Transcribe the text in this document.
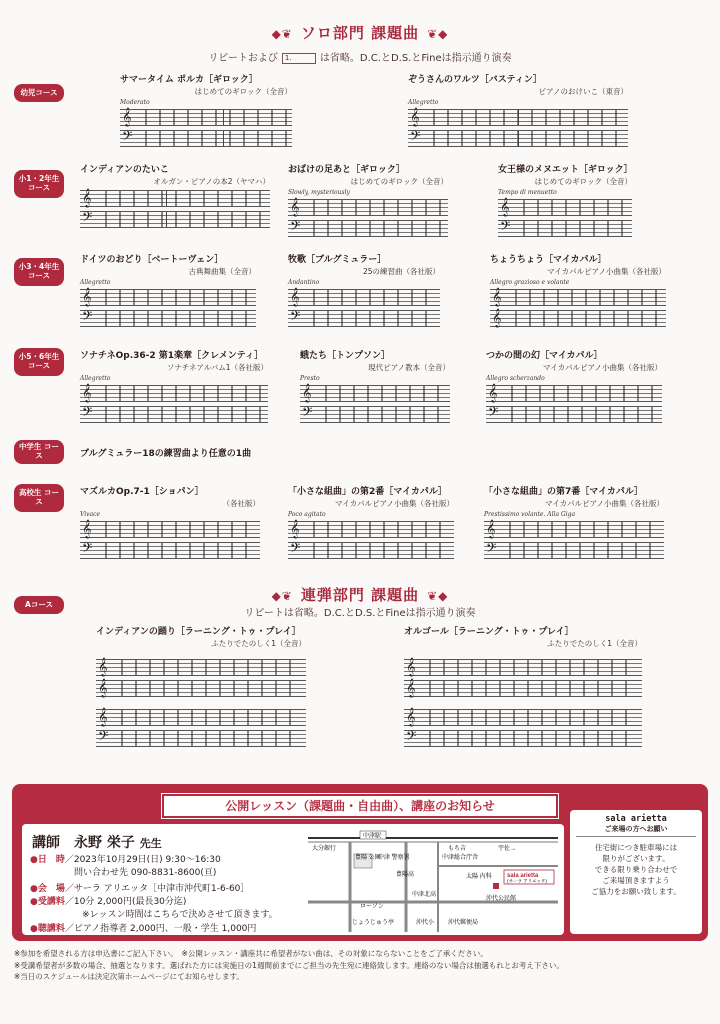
◆❦ ソロ部門 課題曲 ❦◆
リピートおよび 1.	は省略。D.C.とD.S.とFineは指示通り演奏
幼児コース
小1・2年生 コース
小3・4年生 コース
小5・6年生 コース
中学生 コース
高校生 コース
Aコース
サマータイム ポルカ［ギロック］
はじめてのギロック（全音）
Moderato
𝄞
𝄢
ぞうさんのワルツ［バスティン］
ピアノのおけいこ（東音）
Allegretto
𝄞
𝄢
インディアンのたいこ
オルガン・ピアノの本2（ヤマハ）
𝄞
𝄢
おばけの足あと［ギロック］
はじめてのギロック（全音）
Slowly, mysteriously
𝄞
𝄢
女王様のメヌエット［ギロック］
はじめてのギロック（全音）
Tempo di menuetto
𝄞
𝄢
ドイツのおどり［ベートーヴェン］
古典舞曲集（全音）
Allegretto
𝄞
𝄢
牧歌［ブルグミュラー］
25の練習曲（各社版）
Andantino
𝄞
𝄢
ちょうちょう［マイカパル］
マイカパルピアノ小曲集（各社版）
Allegro grazioso e volante
𝄞
𝄞
ソナチネOp.36-2 第1楽章［クレメンティ］
ソナチネアルバム1（各社版）
Allegretto
𝄞
𝄢
蛾たち［トンプソン］
現代ピアノ教本（全音）
Presto
𝄞
𝄢
つかの間の幻［マイカパル］
マイカパルピアノ小曲集（各社版）
Allegro scherzando
𝄞
𝄢
ブルグミュラー18の練習曲より任意の1曲
マズルカOp.7-1［ショパン］
（各社版）
Vivace
𝄞
𝄢
「小さな組曲」の第2番［マイカパル］
マイカパルピアノ小曲集（各社版）
Poco agitato
𝄞
𝄢
「小さな組曲」の第7番［マイカパル］
マイカパルピアノ小曲集（各社版）
Prestissimo volante. Alla Giga
𝄞
𝄢
◆❦ 連弾部門 課題曲 ❦◆
リピートは省略。D.C.とD.S.とFineは指示通り演奏
インディアンの踊り［ラーニング・トゥ・プレイ］
ふたりでたのしく1（全音）
𝄞
𝄞
𝄞
𝄢
オルゴール［ラーニング・トゥ・プレイ］
ふたりでたのしく1（全音）
𝄞
𝄞
𝄞
𝄢
公開レッスン（課題曲・自由曲）、講座のお知らせ
講師　 永野 栄子 先生
●日　時／2023年10月29日(日) 9:30～16:30
問い合わせ先 090-8831-8600(亘)
●会　場／サーラ アリエッタ［中津市沖代町1-6-60］
●受講料／10分 2,000円(最長30分迄)
※レッスン時間はこちらで決めさせて頂きます。
●聴講料／ピアノ指導者 2,000円、一般・学生 1,000円
中津駅
大分銀行	宇佐→
豊陽 公園
中津 警察署
もち吉
中津総合庁舎
sala arietta
(サーラ アリエッタ)
豊陽高	太陽 内科
中津北高
沖代公民館
ローソン
じょうじゅう亭	沖代小 沖代郵便局
sala arietta
ご来場の方へお願い

住宅街につき駐車場には

限りがございます。

できる限り乗り合わせで

ご来場頂きますよう

ご協力をお願い致します。

※参加を希望される方は申込書にご記入下さい。　※公開レッスン・講座共に希望者がない曲は、その対象にならないことをご了承ください。

※受講希望者が多数の場合、抽選となります。選ばれた方には実施日の1週間前までにご担当の先生宛に連絡致します。連絡のない場合は抽選もれとお考え下さい。

※当日のスケジュールは決定次第ホームページにてお知らせします。
